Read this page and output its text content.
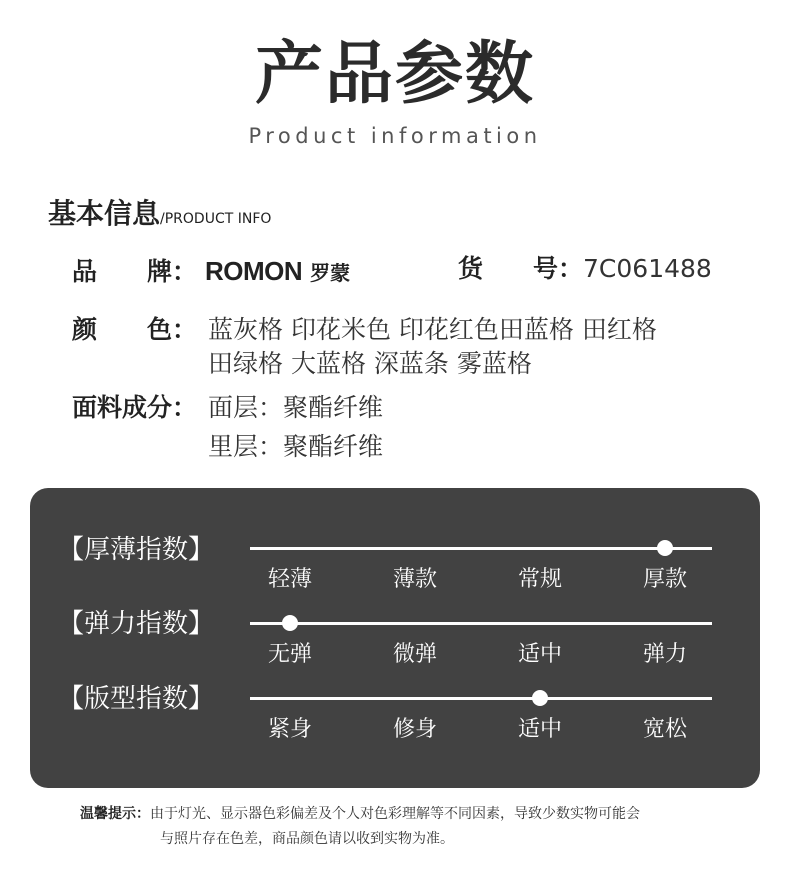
产品参数
Product information
基本信息/PRODUCT INFO
品　　牌： ROMON 罗蒙	货　　号：7C061488
颜　　色： 蓝灰格 印花米色 印花红色田蓝格 田红格
田绿格 大蓝格 深蓝条 雾蓝格
面料成分： 面层：聚酯纤维
里层：聚酯纤维
【厚薄指数】
轻薄	薄款	常规	厚款
【弹力指数】
无弹	微弹	适中	弹力
【版型指数】
紧身	修身	适中	宽松
温馨提示：由于灯光、显示器色彩偏差及个人对色彩理解等不同因素，导致少数实物可能会
与照片存在色差，商品颜色请以收到实物为准。
